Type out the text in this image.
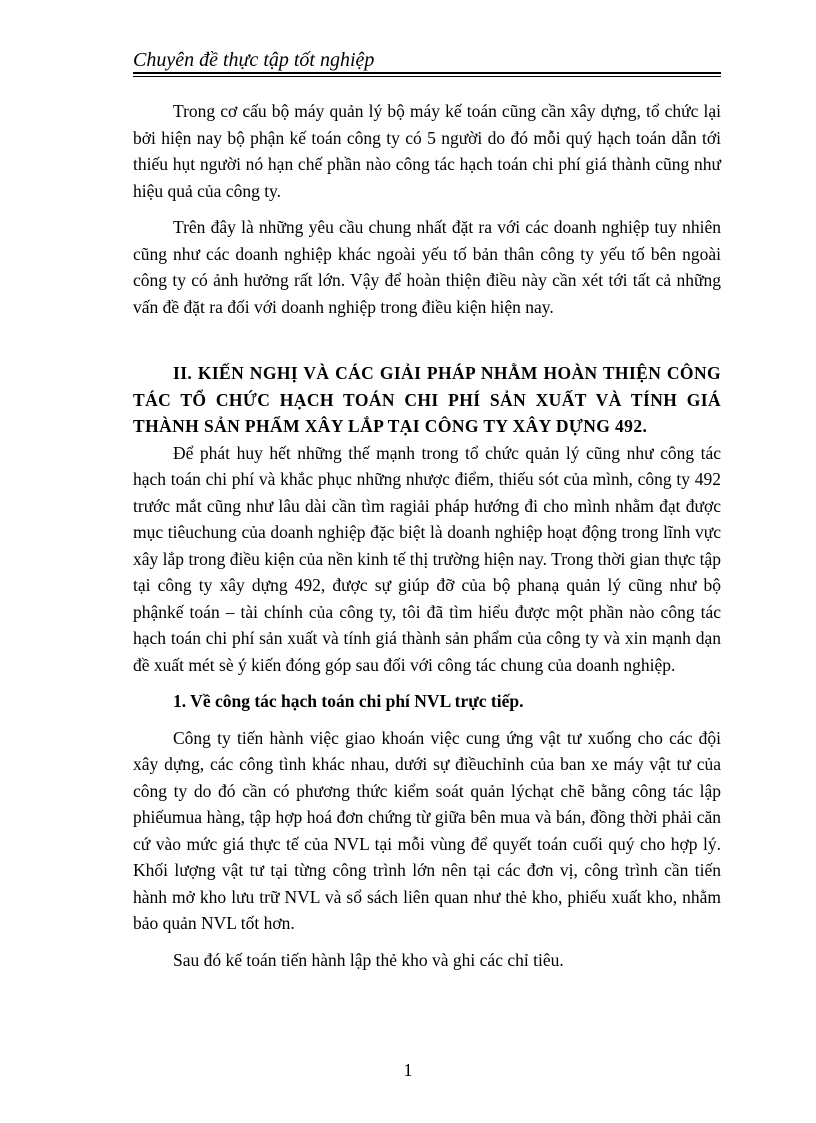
Chuyên đề thực tập tốt nghiệp

Trong cơ cấu bộ máy quản lý bộ máy kế toán cũng cần xây dựng, tổ chức lại bởi hiện nay bộ phận kế toán công ty có 5 người do đó mỗi quý hạch toán dẫn tới thiếu hụt người nó hạn chế phần nào công tác hạch toán chi phí giá thành cũng như hiệu quả của công ty.

Trên đây là những yêu cầu chung nhất đặt ra với các doanh nghiệp tuy nhiên cũng như các doanh nghiệp khác ngoài yếu tố bản thân công ty yếu tố bên ngoài công ty có ảnh hưởng rất lớn. Vậy để hoàn thiện điều này cần xét tới tất cả những vấn đề đặt ra đối với doanh nghiệp trong điều kiện hiện nay.

II. KIẾN NGHỊ VÀ CÁC GIẢI PHÁP NHẰM HOÀN THIỆN CÔNG TÁC TỔ CHỨC HẠCH TOÁN CHI PHÍ SẢN XUẤT VÀ TÍNH GIÁ THÀNH SẢN PHẨM XÂY LẮP TẠI CÔNG TY XÂY DỰNG 492.

Để phát huy hết những thế mạnh trong tổ chức quản lý cũng như công tác hạch toán chi phí và khắc phục những nhược điểm, thiếu sót của mình, công ty 492 trước mắt cũng như lâu dài cần tìm ragiải pháp hướng đi cho mình nhằm đạt được mục tiêuchung của doanh nghiệp đặc biệt là doanh nghiệp hoạt động trong lĩnh vực xây lắp trong điều kiện của nền kinh tế thị trường hiện nay. Trong thời gian thực tập tại công ty xây dựng 492, được sự giúp đỡ của bộ phanạ quản lý cũng như bộ phậnkế toán – tài chính của công ty, tôi đã tìm hiểu được một phần nào công tác hạch toán chi phí sản xuất và tính giá thành sản phẩm của công ty và xin mạnh dạn đề xuất mét sè ý kiến đóng góp sau đối với công tác chung của doanh nghiệp.

1. Về công tác hạch toán chi phí NVL trực tiếp.

Công ty tiến hành việc giao khoán việc cung ứng vật tư xuống cho các đội xây dựng, các công tình khác nhau, dưới sự điềuchỉnh của ban xe máy vật tư của công ty do đó cần có phương thức kiểm soát quản lýchạt chẽ bằng công tác lập phiếumua hàng, tập hợp hoá đơn chứng từ giữa bên mua và bán, đồng thời phải căn cứ vào mức giá thực tế của NVL tại mỗi vùng để quyết toán cuối quý cho hợp lý. Khối lượng vật tư tại từng công trình lớn nên tại các đơn vị, công trình cần tiến hành mở kho lưu trữ NVL và sổ sách liên quan như thẻ kho, phiếu xuất kho, nhằm bảo quản NVL tốt hơn.

Sau đó kế toán tiến hành lập thẻ kho và ghi các chỉ tiêu.

1
